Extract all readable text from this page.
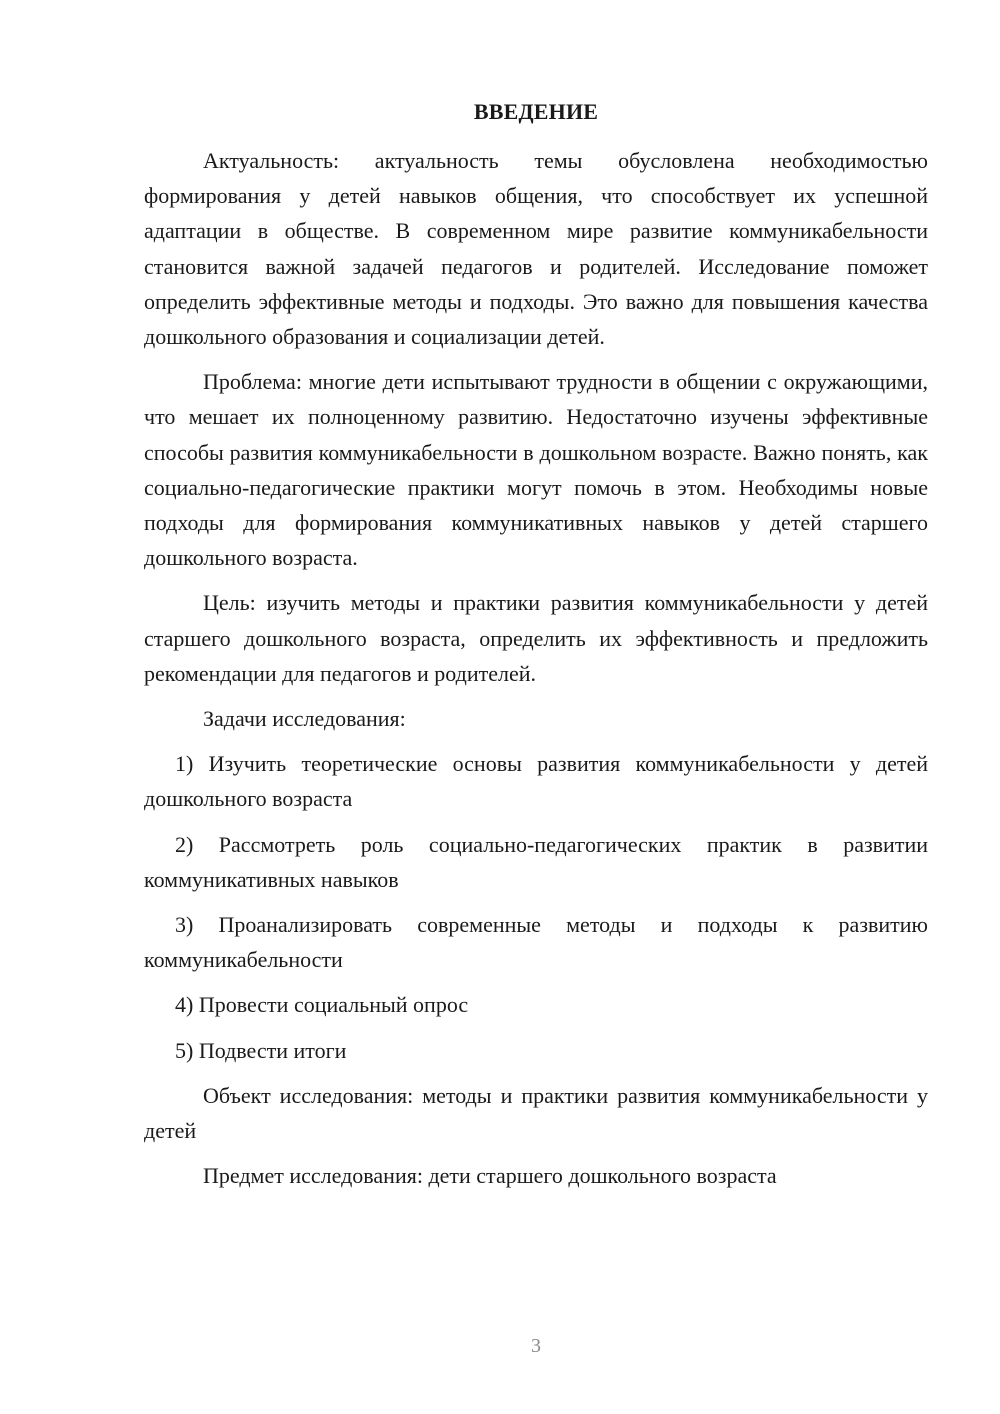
ВВЕДЕНИЕ

Актуальность: актуальность темы обусловлена необходимостью формирования у детей навыков общения, что способствует их успешной адаптации в обществе. В современном мире развитие коммуникабельности становится важной задачей педагогов и родителей. Исследование поможет определить эффективные методы и подходы. Это важно для повышения качества дошкольного образования и социализации детей.

Проблема: многие дети испытывают трудности в общении с окружающими, что мешает их полноценному развитию. Недостаточно изучены эффективные способы развития коммуникабельности в дошкольном возрасте. Важно понять, как социально-педагогические практики могут помочь в этом. Необходимы новые подходы для формирования коммуникативных навыков у детей старшего дошкольного возраста.

Цель: изучить методы и практики развития коммуникабельности у детей старшего дошкольного возраста, определить их эффективность и предложить рекомендации для педагогов и родителей.

Задачи исследования:

1) Изучить теоретические основы развития коммуникабельности у детей дошкольного возраста

2) Рассмотреть роль социально-педагогических практик в развитии коммуникативных навыков

3) Проанализировать современные методы и подходы к развитию коммуникабельности

4) Провести социальный опрос

5) Подвести итоги

Объект исследования: методы и практики развития коммуникабельности у детей

Предмет исследования: дети старшего дошкольного возраста

3
